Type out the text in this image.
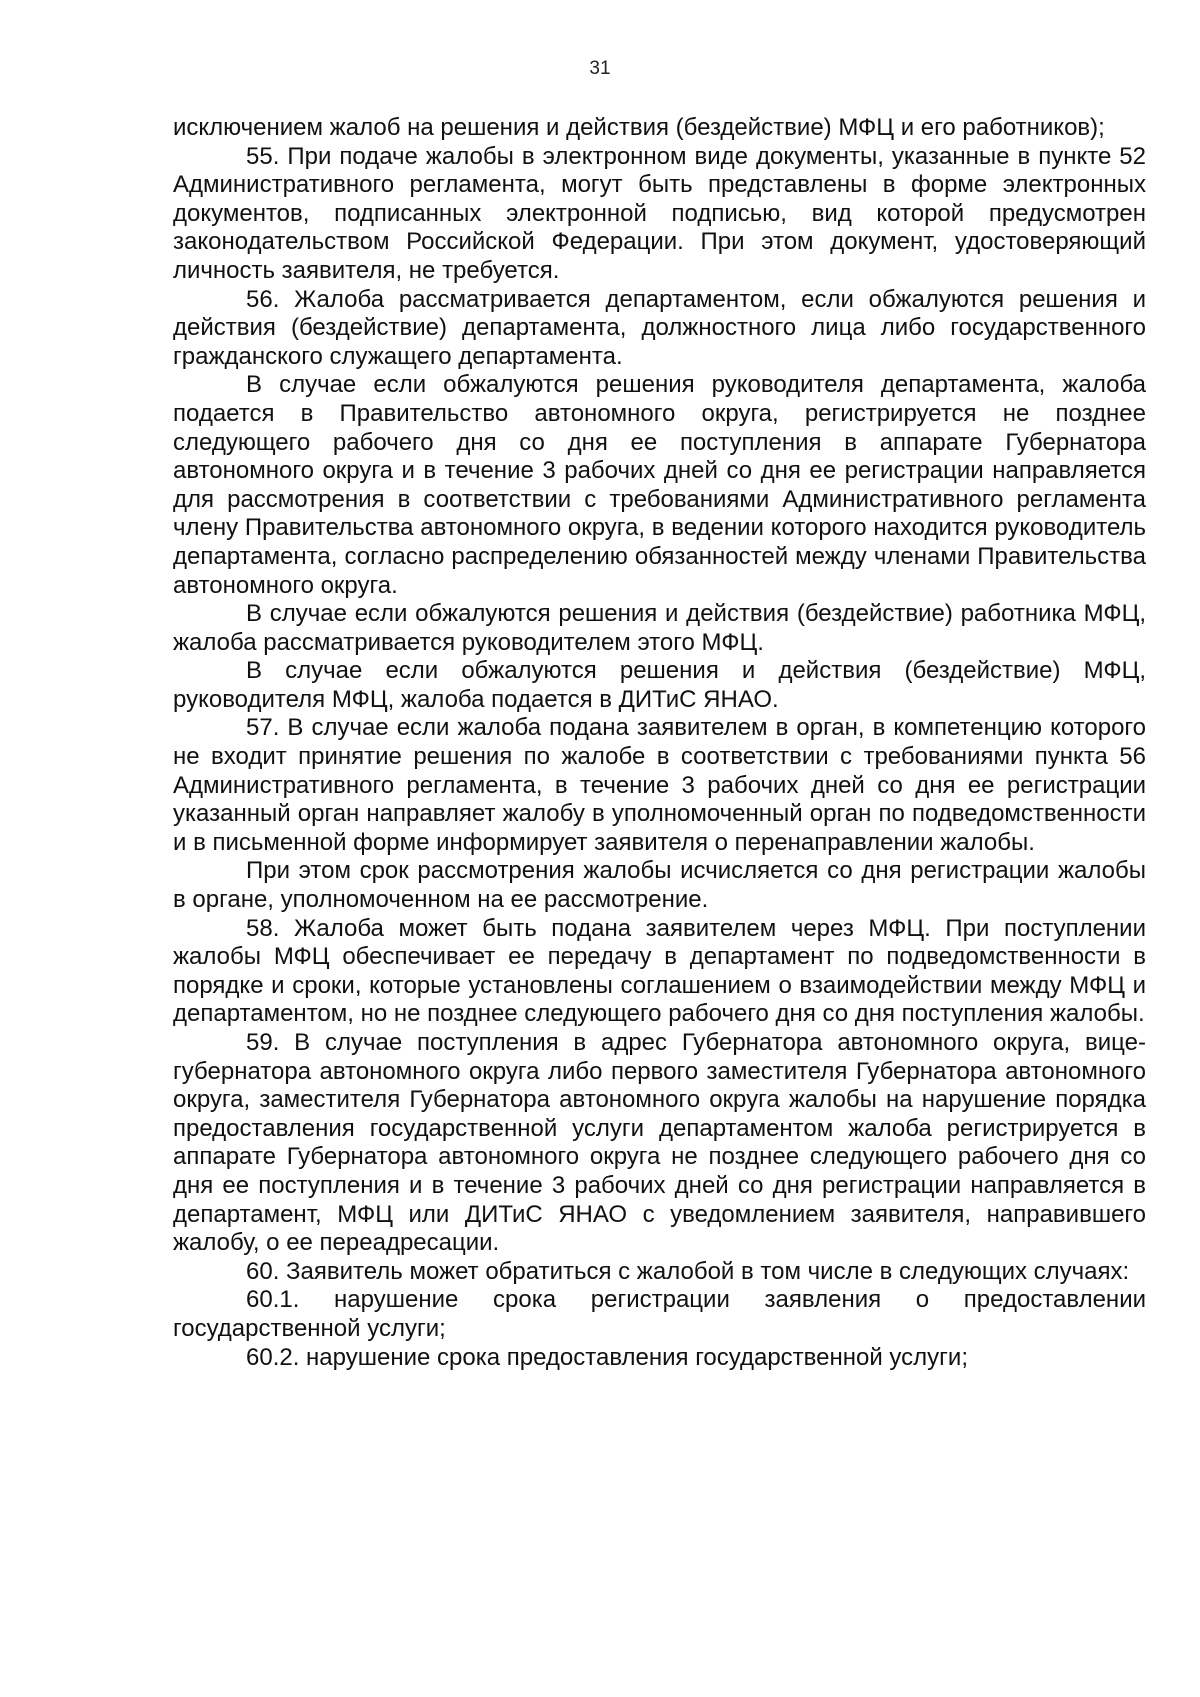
31

исключением жалоб на решения и действия (бездействие) МФЦ и его работников);

55. При подаче жалобы в электронном виде документы, указанные в пункте 52 Административного регламента, могут быть представлены в форме электронных документов, подписанных электронной подписью, вид которой предусмотрен законодательством Российской Федерации. При этом документ, удостоверяющий личность заявителя, не требуется.

56. Жалоба рассматривается департаментом, если обжалуются решения и действия (бездействие) департамента, должностного лица либо государственного гражданского служащего департамента.

В случае если обжалуются решения руководителя департамента, жалоба подается в Правительство автономного округа, регистрируется не позднее следующего рабочего дня со дня ее поступления в аппарате Губернатора автономного округа и в течение 3 рабочих дней со дня ее регистрации направляется для рассмотрения в соответствии с требованиями Административного регламента члену Правительства автономного округа, в ведении которого находится руководитель департамента, согласно распределению обязанностей между членами Правительства автономного округа.

В случае если обжалуются решения и действия (бездействие) работника МФЦ, жалоба рассматривается руководителем этого МФЦ.

В случае если обжалуются решения и действия (бездействие) МФЦ, руководителя МФЦ, жалоба подается в ДИТиС ЯНАО.

57. В случае если жалоба подана заявителем в орган, в компетенцию которого не входит принятие решения по жалобе в соответствии с требованиями пункта 56 Административного регламента, в течение 3 рабочих дней со дня ее регистрации указанный орган направляет жалобу в уполномоченный орган по подведомственности и в письменной форме информирует заявителя о перенаправлении жалобы.

При этом срок рассмотрения жалобы исчисляется со дня регистрации жалобы в органе, уполномоченном на ее рассмотрение.

58. Жалоба может быть подана заявителем через МФЦ. При поступлении жалобы МФЦ обеспечивает ее передачу в департамент по подведомственности в порядке и сроки, которые установлены соглашением о взаимодействии между МФЦ и департаментом, но не позднее следующего рабочего дня со дня поступления жалобы.

59. В случае поступления в адрес Губернатора автономного округа, вице-губернатора автономного округа либо первого заместителя Губернатора автономного округа, заместителя Губернатора автономного округа жалобы на нарушение порядка предоставления государственной услуги департаментом жалоба регистрируется в аппарате Губернатора автономного округа не позднее следующего рабочего дня со дня ее поступления и в течение 3 рабочих дней со дня регистрации направляется в департамент, МФЦ или ДИТиС ЯНАО с уведомлением заявителя, направившего жалобу, о ее переадресации.

60. Заявитель может обратиться с жалобой в том числе в следующих случаях:

60.1. нарушение срока регистрации заявления о предоставлении государственной услуги;

60.2. нарушение срока предоставления государственной услуги;
